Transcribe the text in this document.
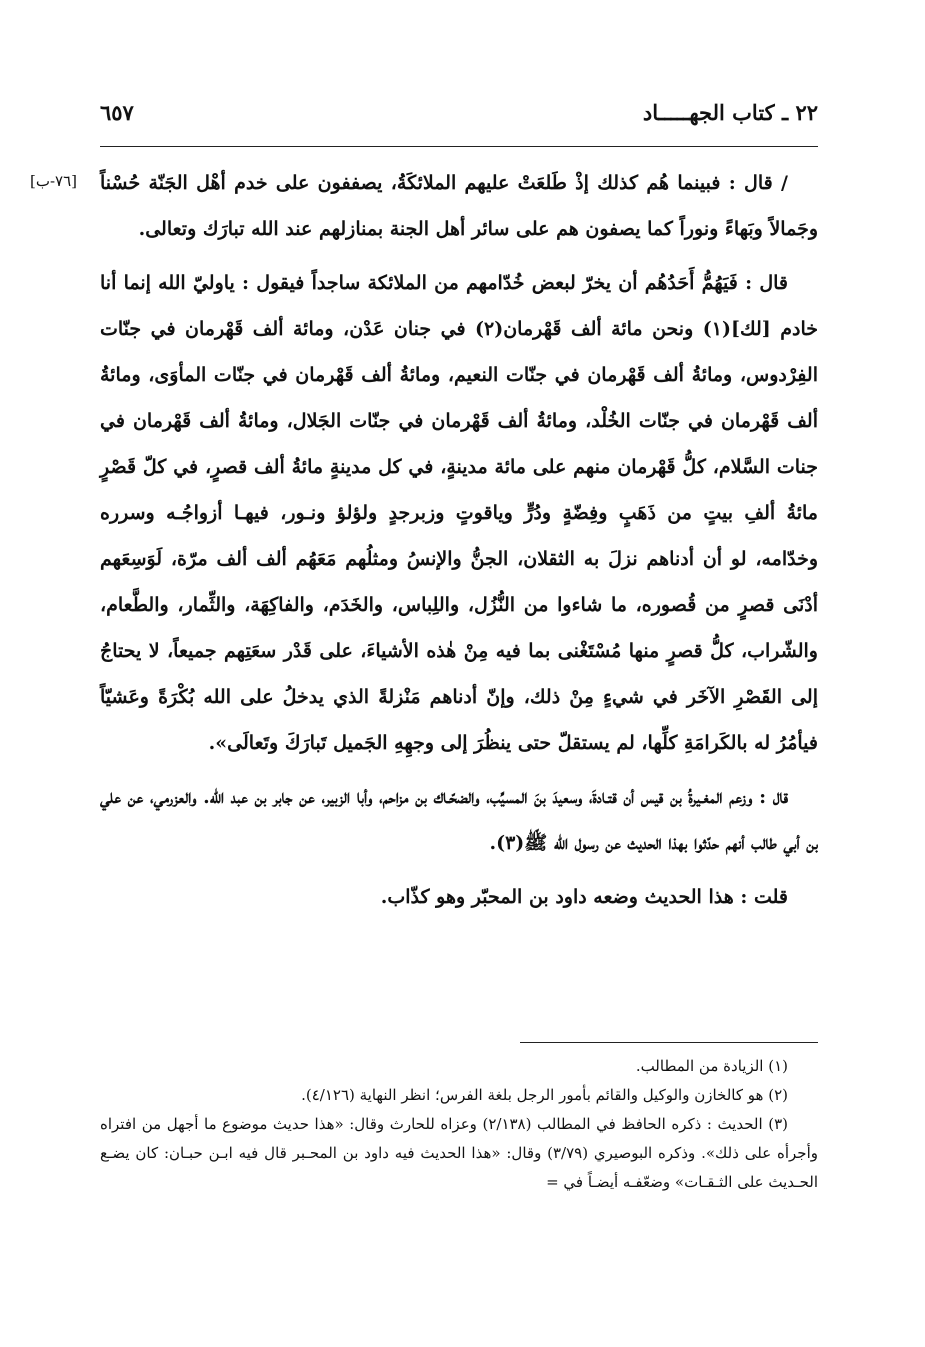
٢٢ ـ كتاب الجهـــــاد
٦٥٧
[٧٦-ب] / قال : فبينما هُم كذلك إذْ طَلعَتْ عليهم الملائكَةُ، يصففون على خدم أهْل الجَنّة حُسْناً وجَمالاً وبَهاءً ونوراً كما يصفون هم على سائر أهل الجنة بمنازلهم عند الله تبارَك وتعالى.

قال : فَيَهُمُّ أَحَدُهُم أن يخرّ لبعض خُدّامهم من الملائكة ساجداً فيقول : ياوليّ الله إنما أنا خادم [لك](١) ونحن مائة ألف قَهْرمان(٢) في جنان عَدْن، ومائة ألف قَهْرمان في جنّات الفِرْدوس، ومائةُ ألف قَهْرمان في جنّات النعيم، ومائةُ ألف قَهْرمان في جنّات المأوَى، ومائةُ ألف قَهْرمان في جنّات الخُلْد، ومائةُ ألف قَهْرمان في جنّات الجَلال، ومائةُ ألف قَهْرمان في جنات السَّلام، كلُّ قَهْرمان منهم على مائة مدينةٍ، في كل مدينةٍ مائةُ ألف قصرٍ، في كلّ قَصْرٍ مائةُ ألفِ بيتٍ من ذَهَبٍ وفِضّةٍ ودُرٍّ وياقوتٍ وزبرجدٍ ولؤلؤ ونـور، فيهـا أزواجُـه وسرره وخدّامه، لو أن أدناهم نزلَ به الثقلان، الجنُّ والإنسُ ومثلُهم مَعَهُم ألف ألف مرّة، لَوَسِعَهم أدْنَى قصرٍ من قُصوره، ما شاءوا من النُّزُل، واللِباس، والخَدَم، والفاكِهَة، والثِّمار، والطَّعام، والشّراب، كلُّ قصرٍ منها مُسْتَغْنى بما فيه مِنْ هٰذه الأشياءَ، على قَدْر سعَتِهم جميعاً، لا يحتاجُ إلى القَصْرِ الآخَر في شيءٍ مِنْ ذلك، وإنّ أدناهم مَنْزلةً الذي يدخلُ على الله بُكْرَةً وعَشيّاً فيأمُرُ له بالكَرامَةِ كلِّها، لم يستقلّ حتى ينظُرَ إلى وجهِهِ الجَميل تَبارَكَ وتَعالَى».

قال : وزعم المغـيرةُ بن قيس أن قتـادةَ، وسعيدَ بنَ المسيِّب، والضحّـاك بن مزاحم، وأبا الزبير، عن جابر بن عبد الله. والعزرمي، عن علي بن أبي طالب أنهم حدّثوا بهذا الحديث عن رسول الله ﷺ(٣).

قلت : هذا الحديث وضعه داود بن المحبّر وهو كذّاب.

(١) الزيادة من المطالب.

(٢) هو كالخازن والوكيل والقائم بأمور الرجل بلغة الفرس؛ انظر النهاية (٤/١٢٦).

(٣) الحديث : ذكره الحافظ في المطالب (٢/١٣٨) وعزاه للحارث وقال: «هذا حديث موضوع ما أجهل من افتراه وأجرأه على ذلك». وذكره البوصيري (٣/٧٩) وقال: «هذا الحديث فيه داود بن المحـبر قال فيه ابـن حبـان: كان يضـع الحـديث على الثـقـات» وضعّفـه أيضـاً في =
